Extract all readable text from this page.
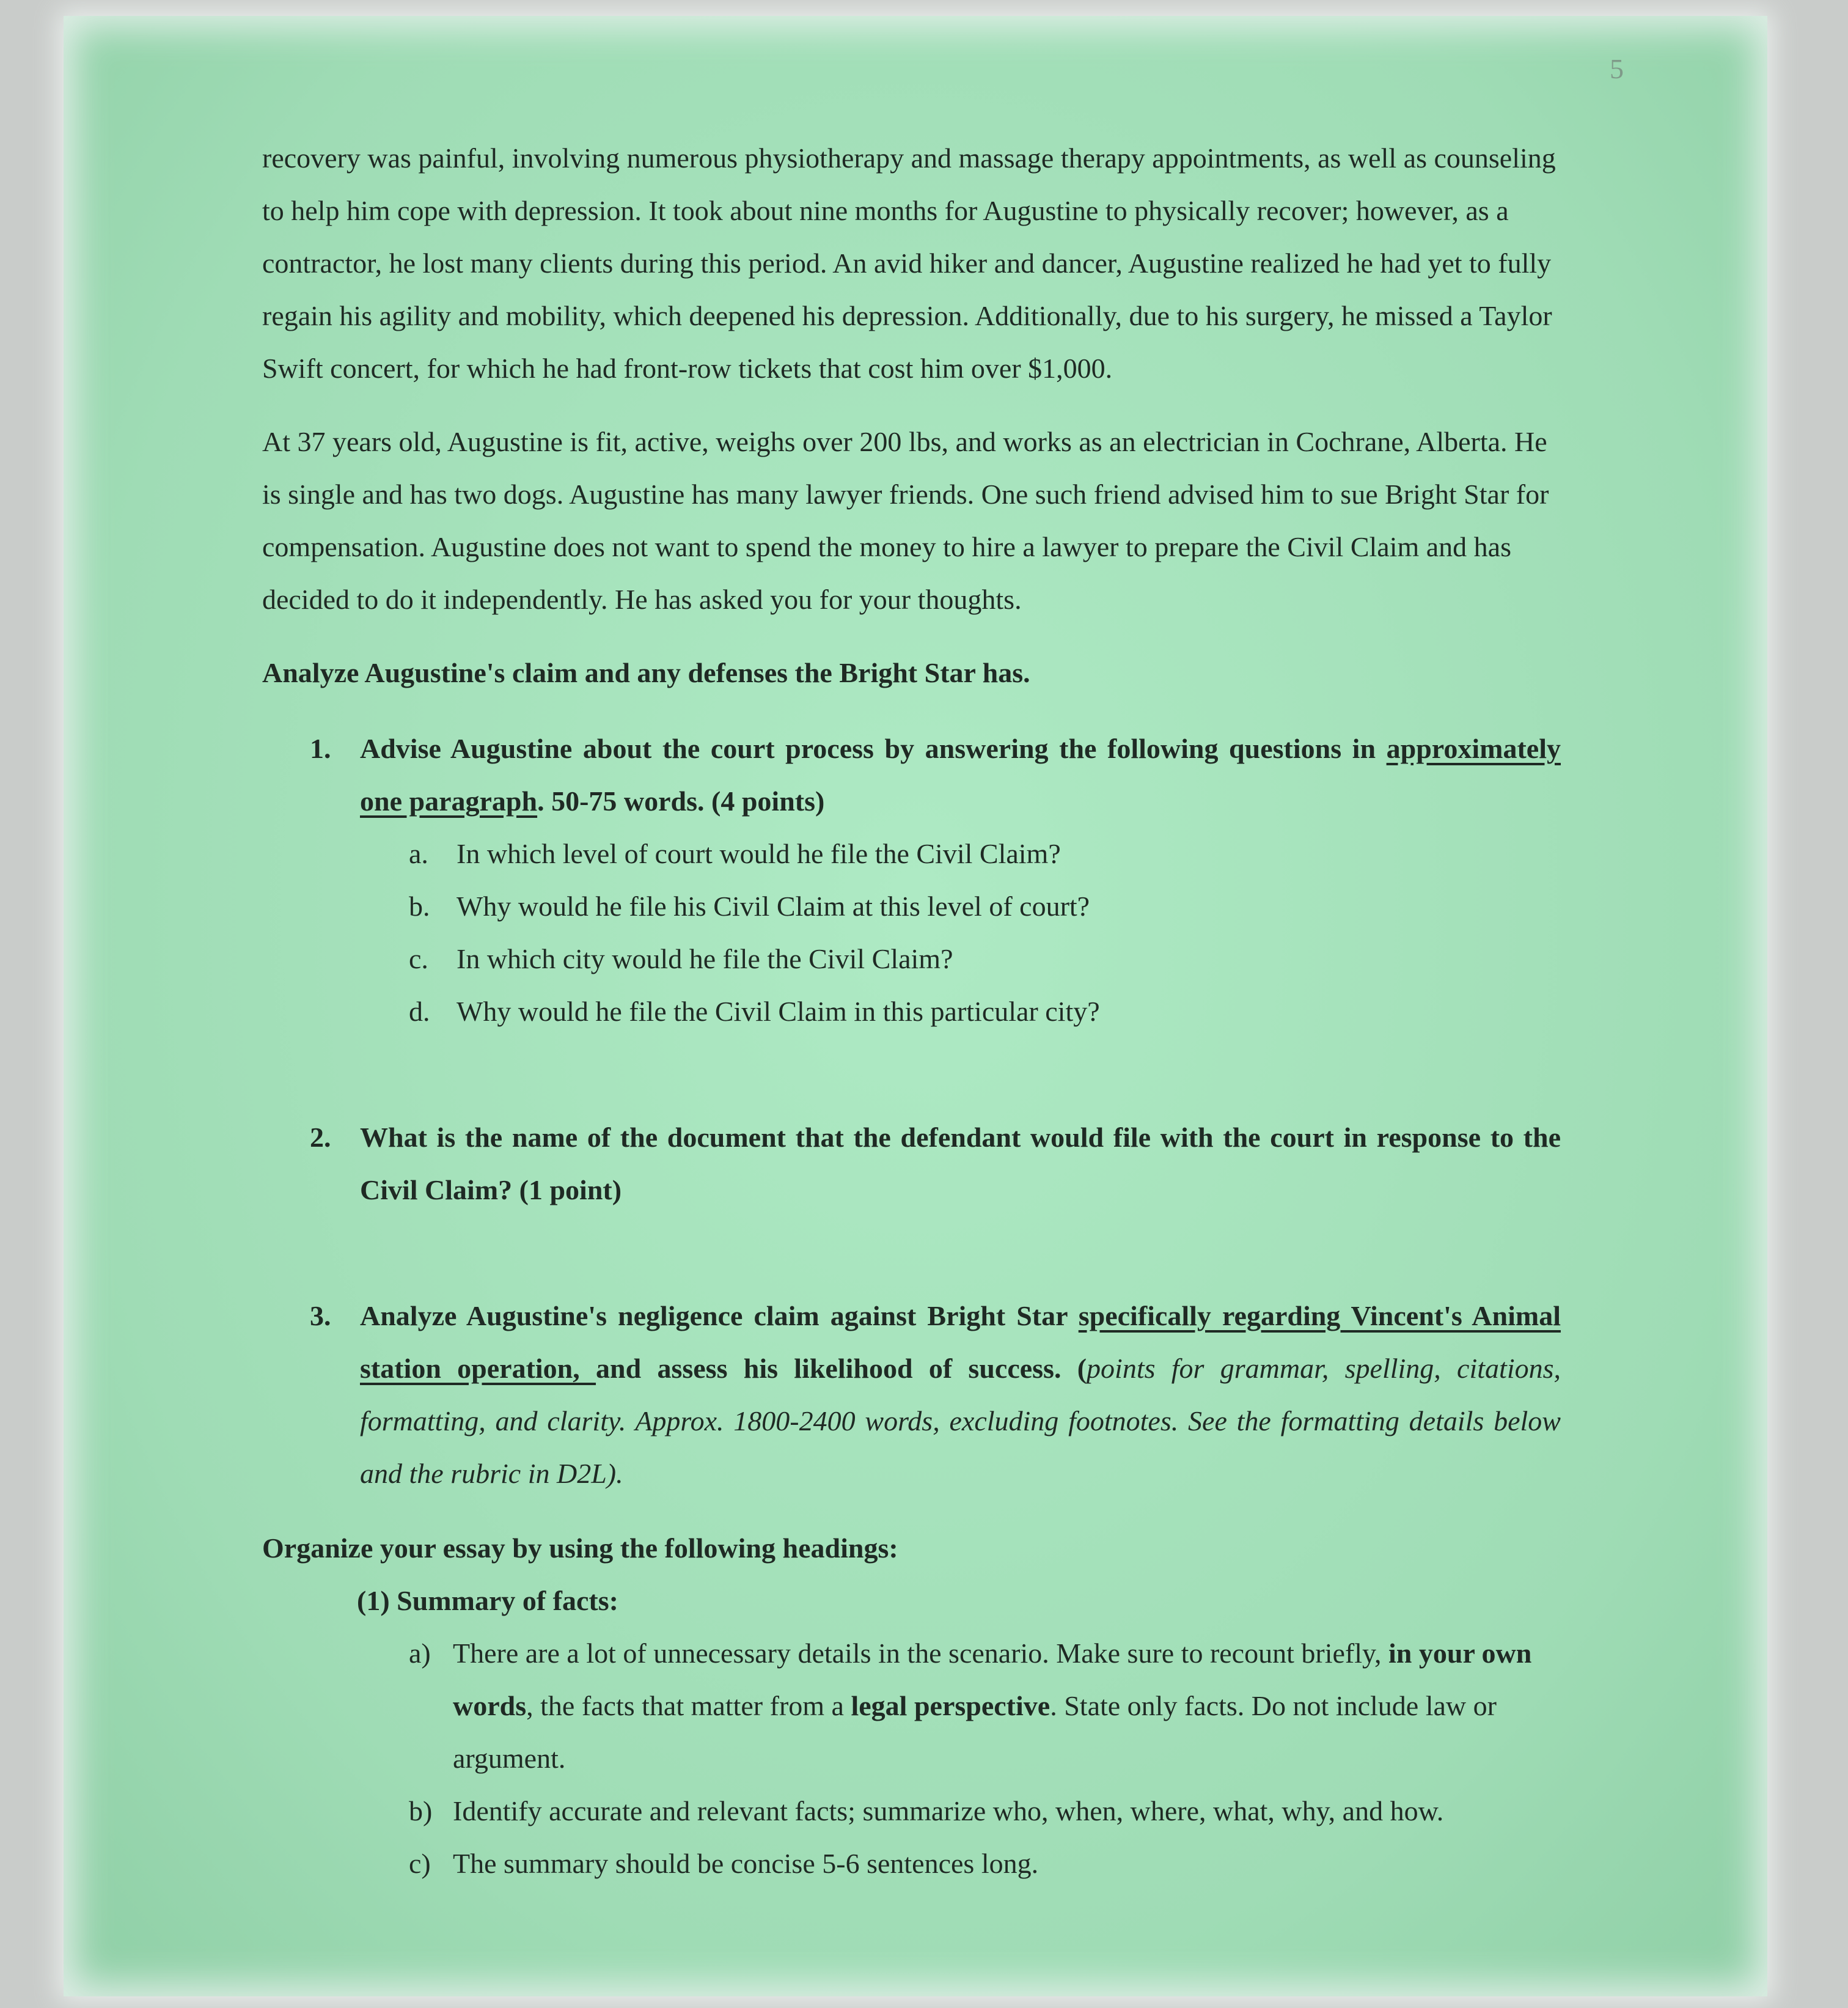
5

recovery was painful, involving numerous physiotherapy and massage therapy appointments, as well as counseling to help him cope with depression. It took about nine months for Augustine to physically recover; however, as a contractor, he lost many clients during this period. An avid hiker and dancer, Augustine realized he had yet to fully regain his agility and mobility, which deepened his depression. Additionally, due to his surgery, he missed a Taylor Swift concert, for which he had front-row tickets that cost him over $1,000.

At 37 years old, Augustine is fit, active, weighs over 200 lbs, and works as an electrician in Cochrane, Alberta. He is single and has two dogs. Augustine has many lawyer friends. One such friend advised him to sue Bright Star for compensation. Augustine does not want to spend the money to hire a lawyer to prepare the Civil Claim and has decided to do it independently. He has asked you for your thoughts.

Analyze Augustine's claim and any defenses the Bright Star has.

1. Advise Augustine about the court process by answering the following questions in approximately one paragraph. 50-75 words. (4 points)
a. In which level of court would he file the Civil Claim?
b. Why would he file his Civil Claim at this level of court?
c. In which city would he file the Civil Claim?
d. Why would he file the Civil Claim in this particular city?
2. What is the name of the document that the defendant would file with the court in response to the Civil Claim? (1 point)
3. Analyze Augustine's negligence claim against Bright Star specifically regarding Vincent's Animal station operation, and assess his likelihood of success. (points for grammar, spelling, citations, formatting, and clarity. Approx. 1800-2400 words, excluding footnotes. See the formatting details below and the rubric in D2L).

Organize your essay by using the following headings:

(1) Summary of facts:
a) There are a lot of unnecessary details in the scenario. Make sure to recount briefly, in your own words, the facts that matter from a legal perspective. State only facts. Do not include law or argument.
b) Identify accurate and relevant facts; summarize who, when, where, what, why, and how.
c) The summary should be concise 5-6 sentences long.
